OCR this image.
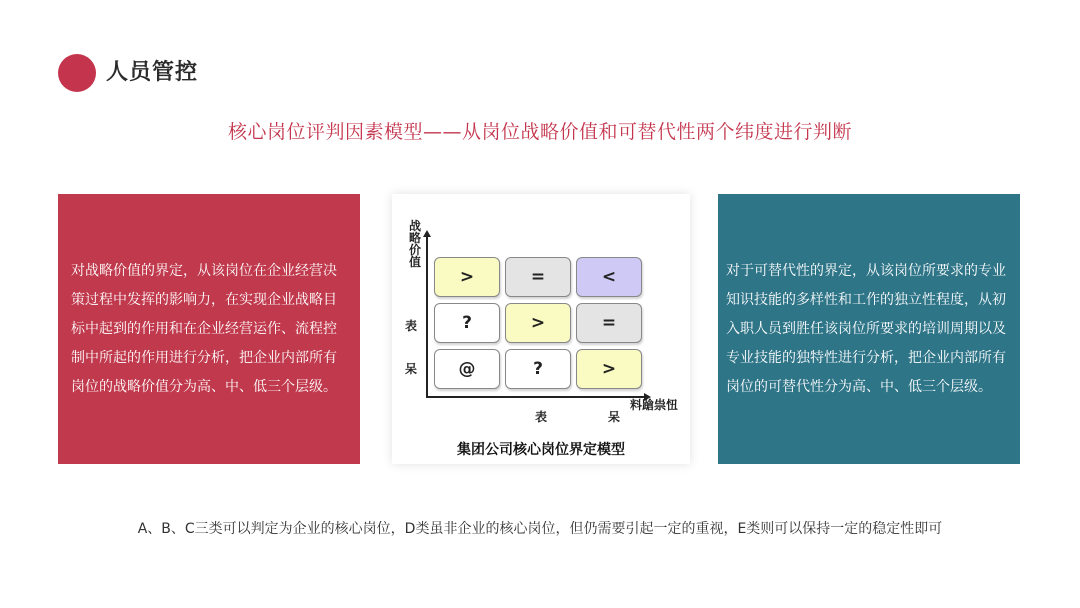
人员管控
核心岗位评判因素模型——从岗位战略价值和可替代性两个纬度进行判断
对战略价值的界定，从该岗位在企业经营决策过程中发挥的影响力，在实现企业战略目标中起到的作用和在企业经营运作、流程控制中所起的作用进行分析，把企业内部所有岗位的战略价值分为高、中、低三个层级。
战略价值
表
呆
表	呆
料蹌祟忸
>	=	<
?	>	=
@	?	>
集团公司核心岗位界定模型
对于可替代性的界定，从该岗位所要求的专业知识技能的多样性和工作的独立性程度，从初入职人员到胜任该岗位所要求的培训周期以及专业技能的独特性进行分析，把企业内部所有岗位的可替代性分为高、中、低三个层级。
A、B、C三类可以判定为企业的核心岗位，D类虽非企业的核心岗位，但仍需要引起一定的重视，E类则可以保持一定的稳定性即可
